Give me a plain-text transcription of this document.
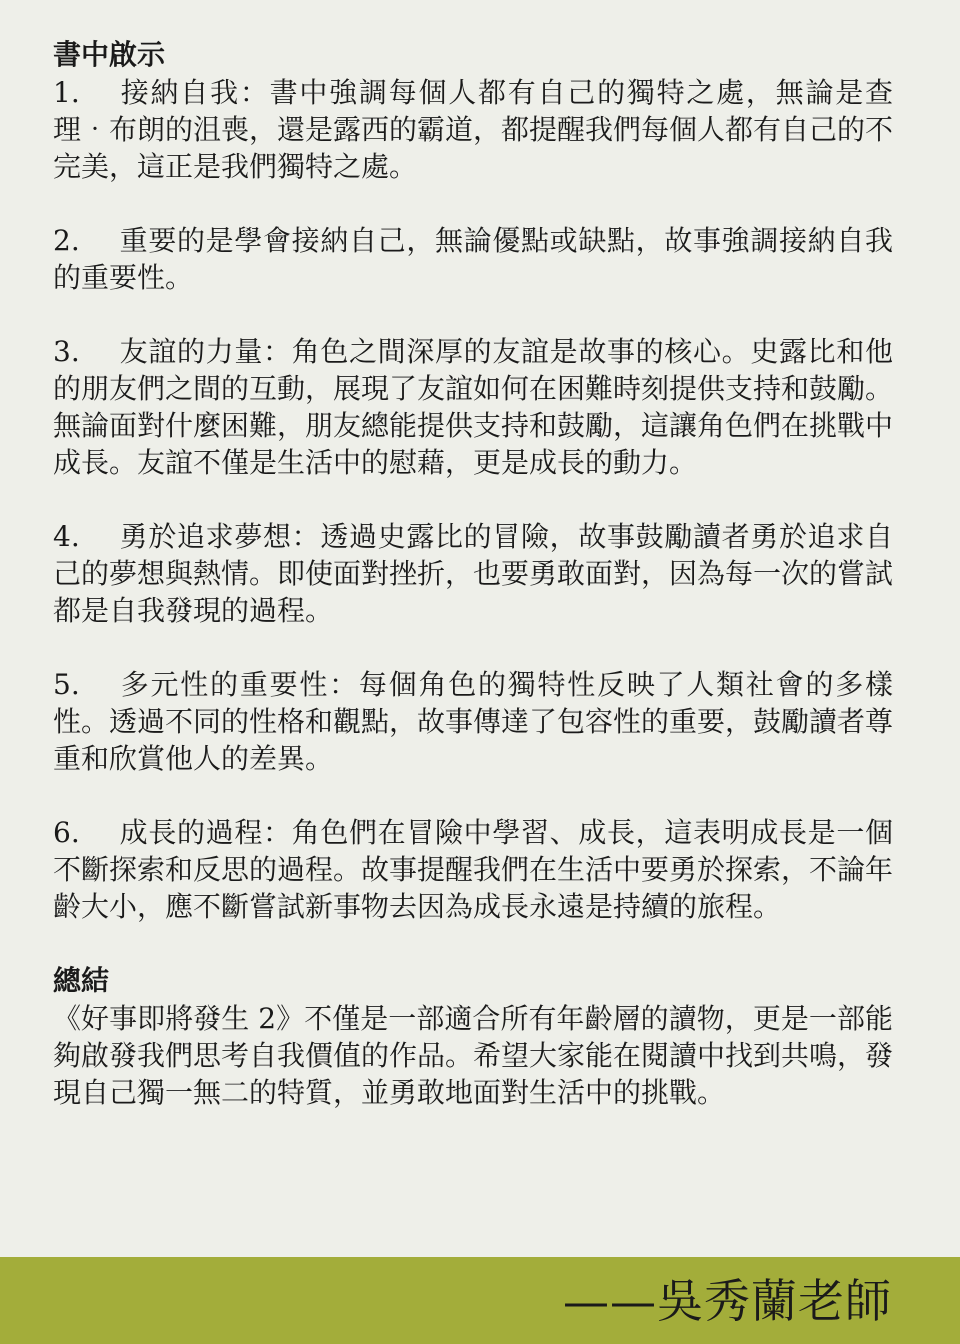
書中啟示

1. 接納自我：書中強調每個人都有自己的獨特之處，無論是查理‧布朗的沮喪，還是露西的霸道，都提醒我們每個人都有自己的不完美，這正是我們獨特之處。

2. 重要的是學會接納自己，無論優點或缺點，故事強調接納自我的重要性。

3. 友誼的力量：角色之間深厚的友誼是故事的核心。史露比和他的朋友們之間的互動，展現了友誼如何在困難時刻提供支持和鼓勵。無論面對什麼困難，朋友總能提供支持和鼓勵，這讓角色們在挑戰中成長。友誼不僅是生活中的慰藉，更是成長的動力。

4. 勇於追求夢想：透過史露比的冒險，故事鼓勵讀者勇於追求自己的夢想與熱情。即使面對挫折，也要勇敢面對，因為每一次的嘗試都是自我發現的過程。

5. 多元性的重要性：每個角色的獨特性反映了人類社會的多樣性。透過不同的性格和觀點，故事傳達了包容性的重要，鼓勵讀者尊重和欣賞他人的差異。

6. 成長的過程：角色們在冒險中學習、成長，這表明成長是一個不斷探索和反思的過程。故事提醒我們在生活中要勇於探索，不論年齡大小，應不斷嘗試新事物去因為成長永遠是持續的旅程。

總結

《好事即將發生 2》不僅是一部適合所有年齡層的讀物，更是一部能夠啟發我們思考自我價值的作品。希望大家能在閱讀中找到共鳴，發現自己獨一無二的特質，並勇敢地面對生活中的挑戰。

——吳秀蘭老師
